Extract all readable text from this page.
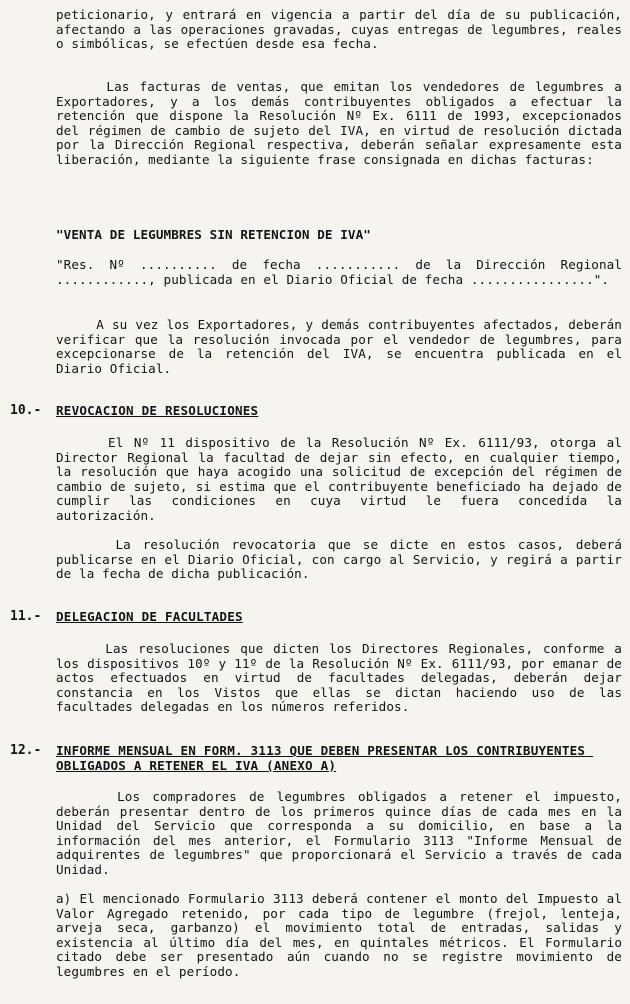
peticionario, y entrará en vigencia a partir del día de su publicación, afectando a las operaciones gravadas, cuyas entregas de legumbres, reales o simbólicas, se efectúen desde esa fecha.

Las facturas de ventas, que emitan los vendedores de legumbres a Exportadores, y a los demás contribuyentes obligados a efectuar la retención que dispone la Resolución Nº Ex. 6111 de 1993, excepcionados del régimen de cambio de sujeto del IVA, en virtud de resolución dictada por la Dirección Regional respectiva, deberán señalar expresamente esta liberación, mediante la siguiente frase consignada en dichas facturas:

"VENTA DE LEGUMBRES SIN RETENCION DE IVA"

"Res. Nº .......... de fecha ........... de la Dirección Regional ............, publicada en el Diario Oficial de fecha ................".

A su vez los Exportadores, y demás contribuyentes afectados, deberán verificar que la resolución invocada por el vendedor de legumbres, para excepcionarse de la retención del IVA, se encuentra publicada en el Diario Oficial.

10.- REVOCACION DE RESOLUCIONES

El Nº 11 dispositivo de la Resolución Nº Ex. 6111/93, otorga al Director Regional la facultad de dejar sin efecto, en cualquier tiempo, la resolución que haya acogido una solicitud de excepción del régimen de cambio de sujeto, si estima que el contribuyente beneficiado ha dejado de cumplir las condiciones en cuya virtud le fuera concedida la autorización.

La resolución revocatoria que se dicte en estos casos, deberá publicarse en el Diario Oficial, con cargo al Servicio, y regirá a partir de la fecha de dicha publicación.

11.- DELEGACION DE FACULTADES

Las resoluciones que dicten los Directores Regionales, conforme a los dispositivos 10º y 11º de la Resolución Nº Ex. 6111/93, por emanar de actos efectuados en virtud de facultades delegadas, deberán dejar constancia en los Vistos que ellas se dictan haciendo uso de las facultades delegadas en los números referidos.

12.- INFORME MENSUAL EN FORM. 3113 QUE DEBEN PRESENTAR LOS CONTRIBUYENTES OBLIGADOS A RETENER EL IVA (ANEXO A)

Los compradores de legumbres obligados a retener el impuesto, deberán presentar dentro de los primeros quince días de cada mes en la Unidad del Servicio que corresponda a su domicilio, en base a la información del mes anterior, el Formulario 3113 "Informe Mensual de adquirentes de legumbres" que proporcionará el Servicio a través de cada Unidad.

a) El mencionado Formulario 3113 deberá contener el monto del Impuesto al Valor Agregado retenido, por cada tipo de legumbre (frejol, lenteja, arveja seca, garbanzo) el movimiento total de entradas, salidas y existencia al último día del mes, en quintales métricos. El Formulario citado debe ser presentado aún cuando no se registre movimiento de legumbres en el período.
